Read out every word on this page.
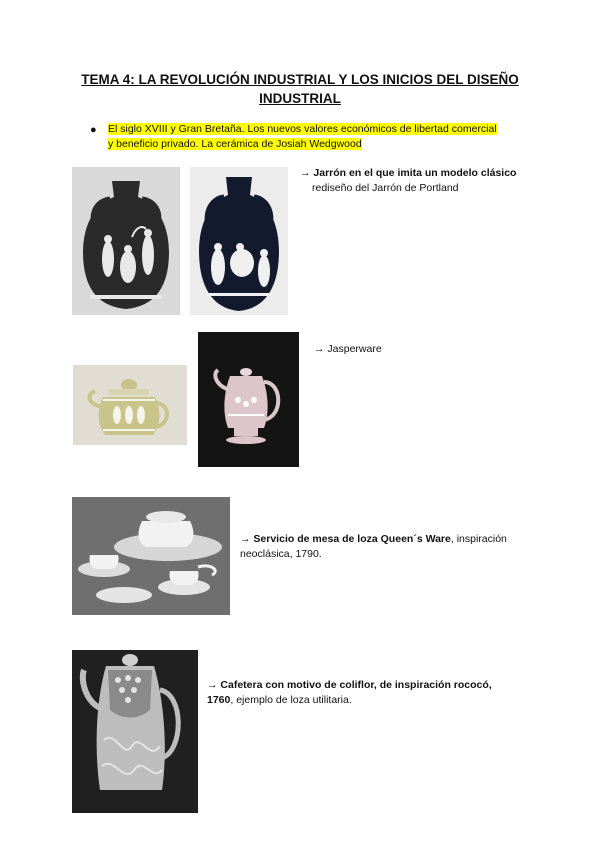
TEMA 4: LA REVOLUCIÓN INDUSTRIAL Y LOS INICIOS DEL DISEÑO
INDUSTRIAL
● El siglo XVIII y Gran Bretaña. Los nuevos valores económicos de libertad comercial
y beneficio privado. La cerámica de Josiah Wedgwood
→ Jarrón en el que imita un modelo clásico
rediseño del Jarrón de Portland
→ Jasperware
→ Servicio de mesa de loza Queen´s Ware, inspiración
neoclásica, 1790.
→ Cafetera con motivo de coliflor, de inspiración rococó,
1760, ejemplo de loza utilitaria.
